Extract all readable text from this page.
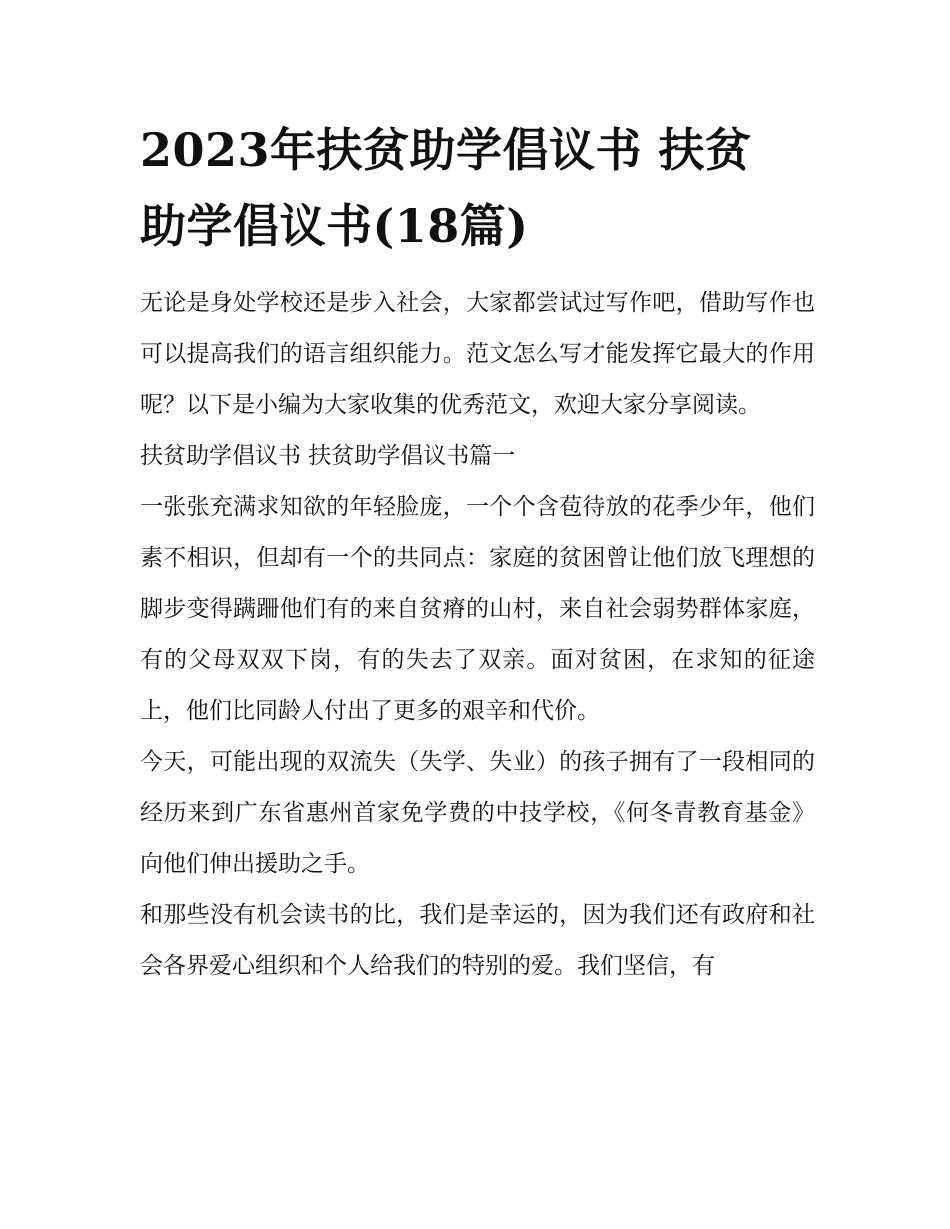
2023年扶贫助学倡议书 扶贫助学倡议书(18篇)

无论是身处学校还是步入社会，大家都尝试过写作吧，借助写作也可以提高我们的语言组织能力。范文怎么写才能发挥它最大的作用呢？以下是小编为大家收集的优秀范文，欢迎大家分享阅读。

扶贫助学倡议书 扶贫助学倡议书篇一

一张张充满求知欲的年轻脸庞，一个个含苞待放的花季少年，他们素不相识，但却有一个的共同点：家庭的贫困曾让他们放飞理想的脚步变得蹒跚他们有的来自贫瘠的山村，来自社会弱势群体家庭，有的父母双双下岗，有的失去了双亲。面对贫困，在求知的征途上，他们比同龄人付出了更多的艰辛和代价。

今天，可能出现的双流失（失学、失业）的孩子拥有了一段相同的经历来到广东省惠州首家免学费的中技学校，《何冬青教育基金》向他们伸出援助之手。

和那些没有机会读书的比，我们是幸运的，因为我们还有政府和社会各界爱心组织和个人给我们的特别的爱。我们坚信，有
